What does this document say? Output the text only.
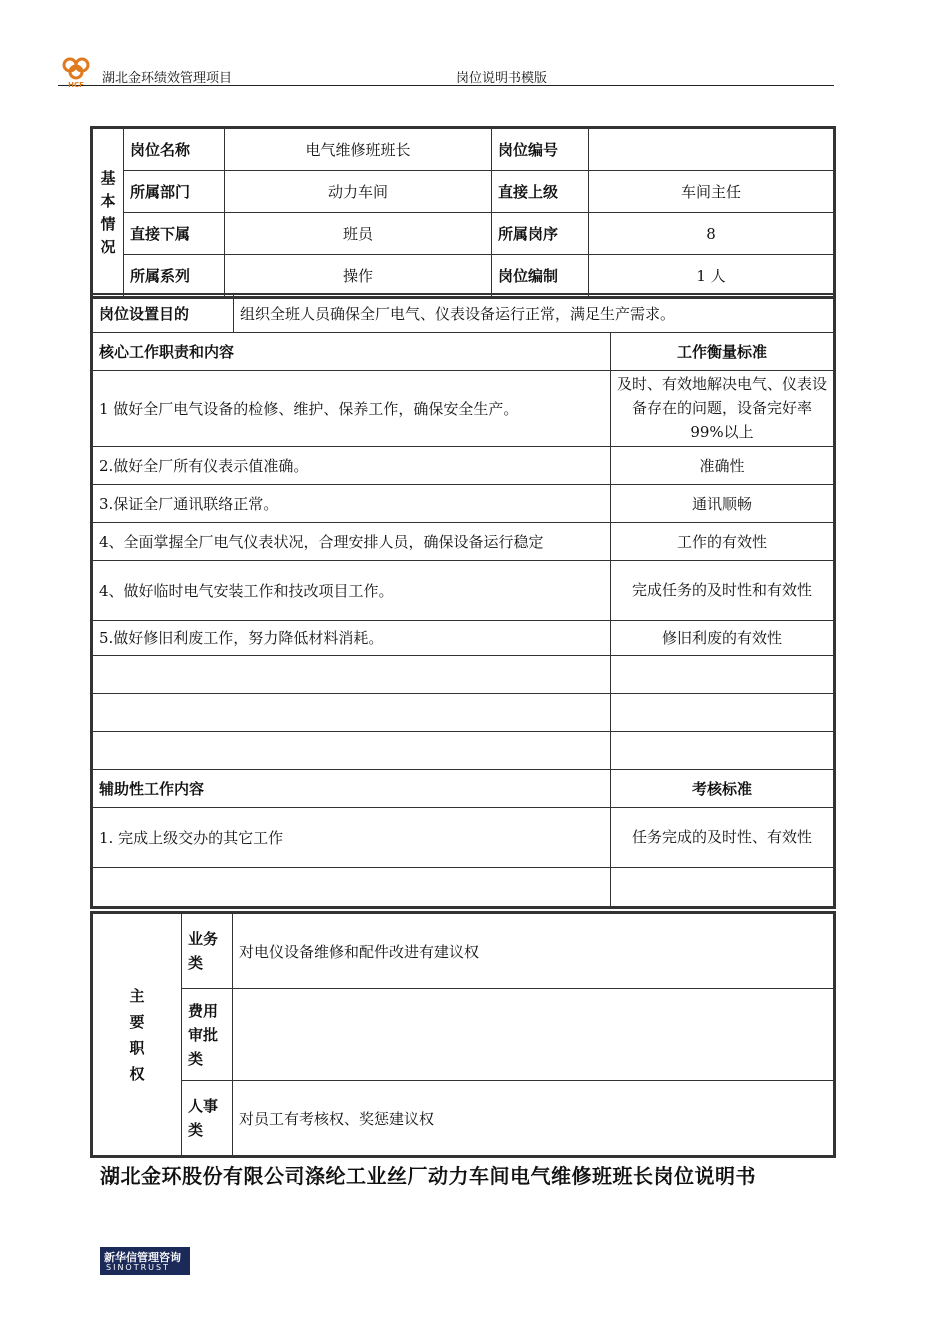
HCF 湖北金环绩效管理项目	岗位说明书模版
基
本
情
况	岗位名称	电气维修班班长	岗位编号	
	所属部门	动力车间	直接上级	车间主任
	直接下属	班员	所属岗序	8
	所属系列	操作	岗位编制	1 人
岗位设置目的	组织全班人员确保全厂电气、仪表设备运行正常，满足生产需求。	
核心工作职责和内容		工作衡量标准
1 做好全厂电气设备的检修、维护、保养工作，确保安全生产。		及时、有效地解决电气、仪表设备存在的问题，设备完好率 99%以上
2.做好全厂所有仪表示值准确。		准确性
3.保证全厂通讯联络正常。		通讯顺畅
4、全面掌握全厂电气仪表状况，合理安排人员，确保设备运行稳定		工作的有效性
4、做好临时电气安装工作和技改项目工作。		完成任务的及时性和有效性
5.做好修旧利废工作，努力降低材料消耗。		修旧利废的有效性

辅助性工作内容		考核标准
1. 完成上级交办的其它工作		任务完成的及时性、有效性

主
要
职
权	业务类	对电仪设备维修和配件改进有建议权
	费用审批类	
	人事类	对员工有考核权、奖惩建议权
湖北金环股份有限公司涤纶工业丝厂动力车间电气维修班班长岗位说明书
新华信管理咨询
SINOTRUST
